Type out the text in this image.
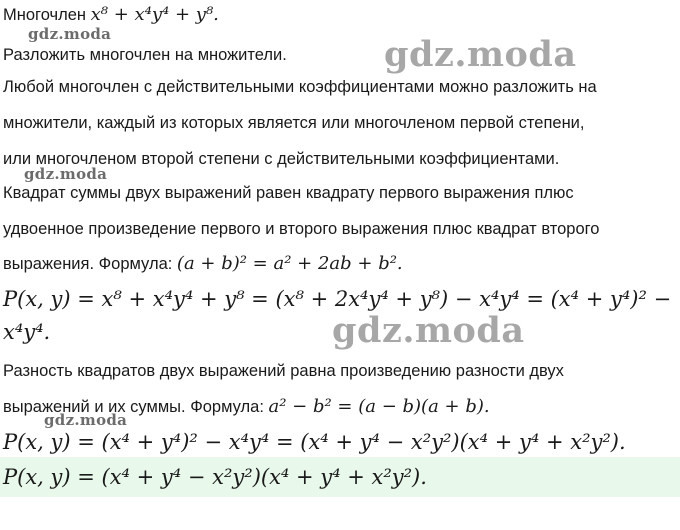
Многочлен x⁸ + x⁴y⁴ + y⁸.
Разложить многочлен на множители.
Любой многочлен с действительными коэффициентами можно разложить на
множители, каждый из которых является или многочленом первой степени,
или многочленом второй степени с действительными коэффициентами.
Квадрат суммы двух выражений равен квадрату первого выражения плюс
удвоенное произведение первого и второго выражения плюс квадрат второго
выражения. Формула: (a + b)² = a² + 2ab + b².
P(x, y) = x⁸ + x⁴y⁴ + y⁸ = (x⁸ + 2x⁴y⁴ + y⁸) − x⁴y⁴ = (x⁴ + y⁴)² −
x⁴y⁴.
Разность квадратов двух выражений равна произведению разности двух
выражений и их суммы. Формула: a² − b² = (a − b)(a + b).
P(x, y) = (x⁴ + y⁴)² − x⁴y⁴ = (x⁴ + y⁴ − x²y²)(x⁴ + y⁴ + x²y²).
P(x, y) = (x⁴ + y⁴ − x²y²)(x⁴ + y⁴ + x²y²).
gdz.moda
gdz.moda
gdz.moda
gdz.moda
gdz.moda
